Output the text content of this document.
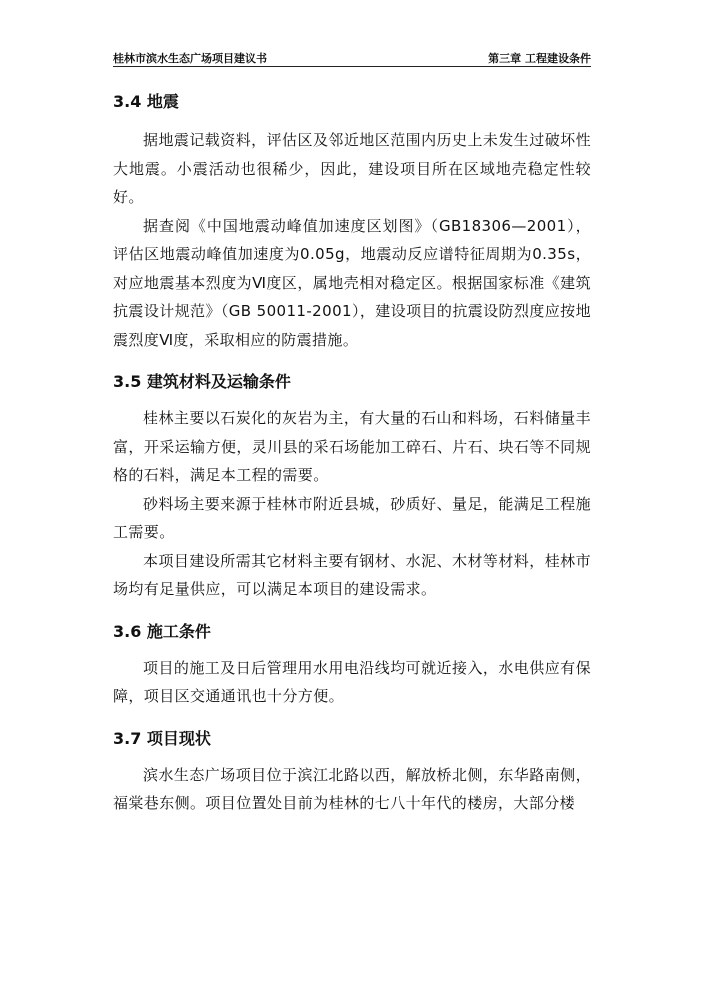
桂林市滨水生态广场项目建议书	第三章 工程建设条件
3.4 地震

据地震记载资料，评估区及邻近地区范围内历史上未发生过破坏性大地震。小震活动也很稀少，因此，建设项目所在区域地壳稳定性较好。

据查阅《中国地震动峰值加速度区划图》（GB18306—2001），评估区地震动峰值加速度为0.05g，地震动反应谱特征周期为0.35s，对应地震基本烈度为Ⅵ度区，属地壳相对稳定区。根据国家标准《建筑抗震设计规范》（GB 50011-2001），建设项目的抗震设防烈度应按地震烈度Ⅵ度，采取相应的防震措施。

3.5 建筑材料及运输条件

桂林主要以石炭化的灰岩为主，有大量的石山和料场，石料储量丰富，开采运输方便，灵川县的采石场能加工碎石、片石、块石等不同规格的石料，满足本工程的需要。

砂料场主要来源于桂林市附近县城，砂质好、量足，能满足工程施工需要。

本项目建设所需其它材料主要有钢材、水泥、木材等材料，桂林市场均有足量供应，可以满足本项目的建设需求。

3.6 施工条件

项目的施工及日后管理用水用电沿线均可就近接入，水电供应有保障，项目区交通通讯也十分方便。

3.7 项目现状

滨水生态广场项目位于滨江北路以西，解放桥北侧，东华路南侧，福棠巷东侧。项目位置处目前为桂林的七八十年代的楼房，大部分楼
